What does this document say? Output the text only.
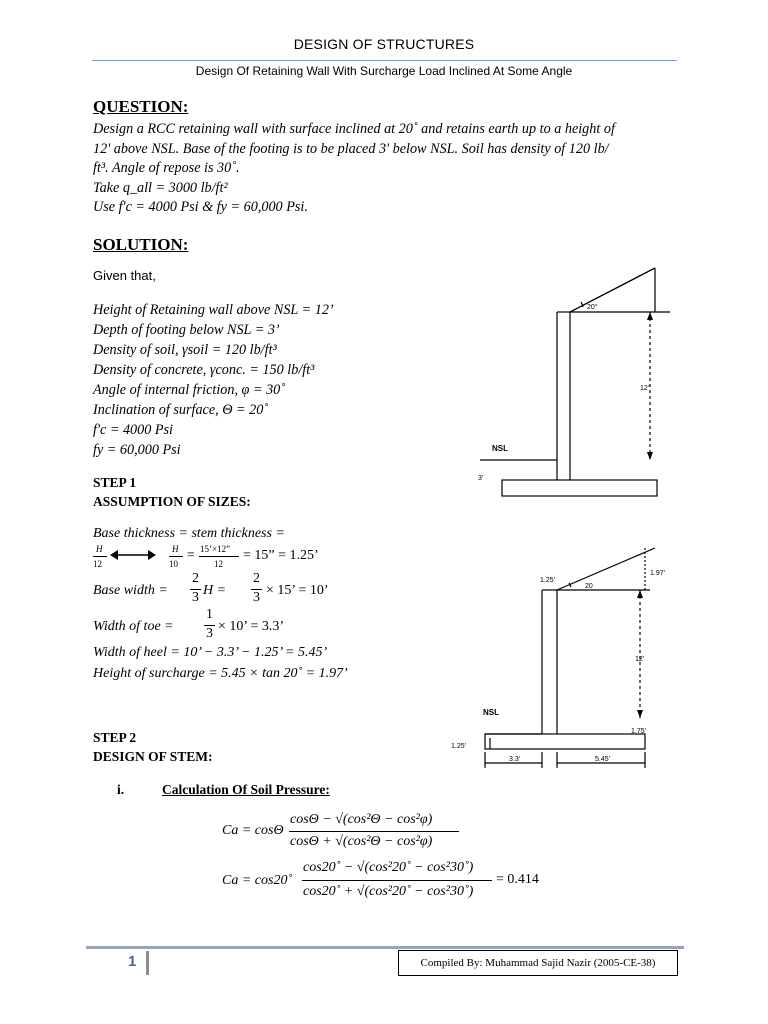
DESIGN OF STRUCTURES
Design Of Retaining Wall With Surcharge Load Inclined At Some Angle
QUESTION:
Design a RCC retaining wall with surface inclined at 20˚ and retains earth up to a height of
12' above NSL. Base of the footing is to be placed 3' below NSL. Soil has density of 120 lb/
ft³. Angle of repose is 30˚.
Take q_all = 3000 lb/ft²
Use f'c = 4000 Psi & fy = 60,000 Psi.
SOLUTION:
Given that,
Height of Retaining wall above NSL = 12’
Depth of footing below NSL = 3’
Density of soil, γsoil = 120 lb/ft³
Density of concrete, γconc. = 150 lb/ft³
Angle of internal friction, φ = 30˚
Inclination of surface, Θ = 20˚
f'c = 4000 Psi
fy = 60,000 Psi
STEP 1
ASSUMPTION OF SIZES:
Base thickness = stem thickness =
H
12
H
10
= 15’×12”
12
= 15” = 1.25’
Base width =
2
3 H =
2
3 × 15’ = 10’
Width of toe =
1
3 × 10’ = 3.3’
Width of heel = 10’ − 3.3’ − 1.25’ = 5.45’
Height of surcharge = 5.45 × tan 20˚ = 1.97’
STEP 2
DESIGN OF STEM:
i.	Calculation Of Soil Pressure:
Ca = cosΘ
cosΘ − √(cos²Θ − cos²φ)
cosΘ + √(cos²Θ − cos²φ)
Ca = cos20˚
cos20˚ − √(cos²20˚ − cos²30˚)
cos20˚ + √(cos²20˚ − cos²30˚)
= 0.414
20°
12'
NSL
3'
1.25'
20
1.97'
12'
NSL
1.25'
3.3'	5.45'
1.75'
1	Compiled By: Muhammad Sajid Nazir (2005-CE-38)
